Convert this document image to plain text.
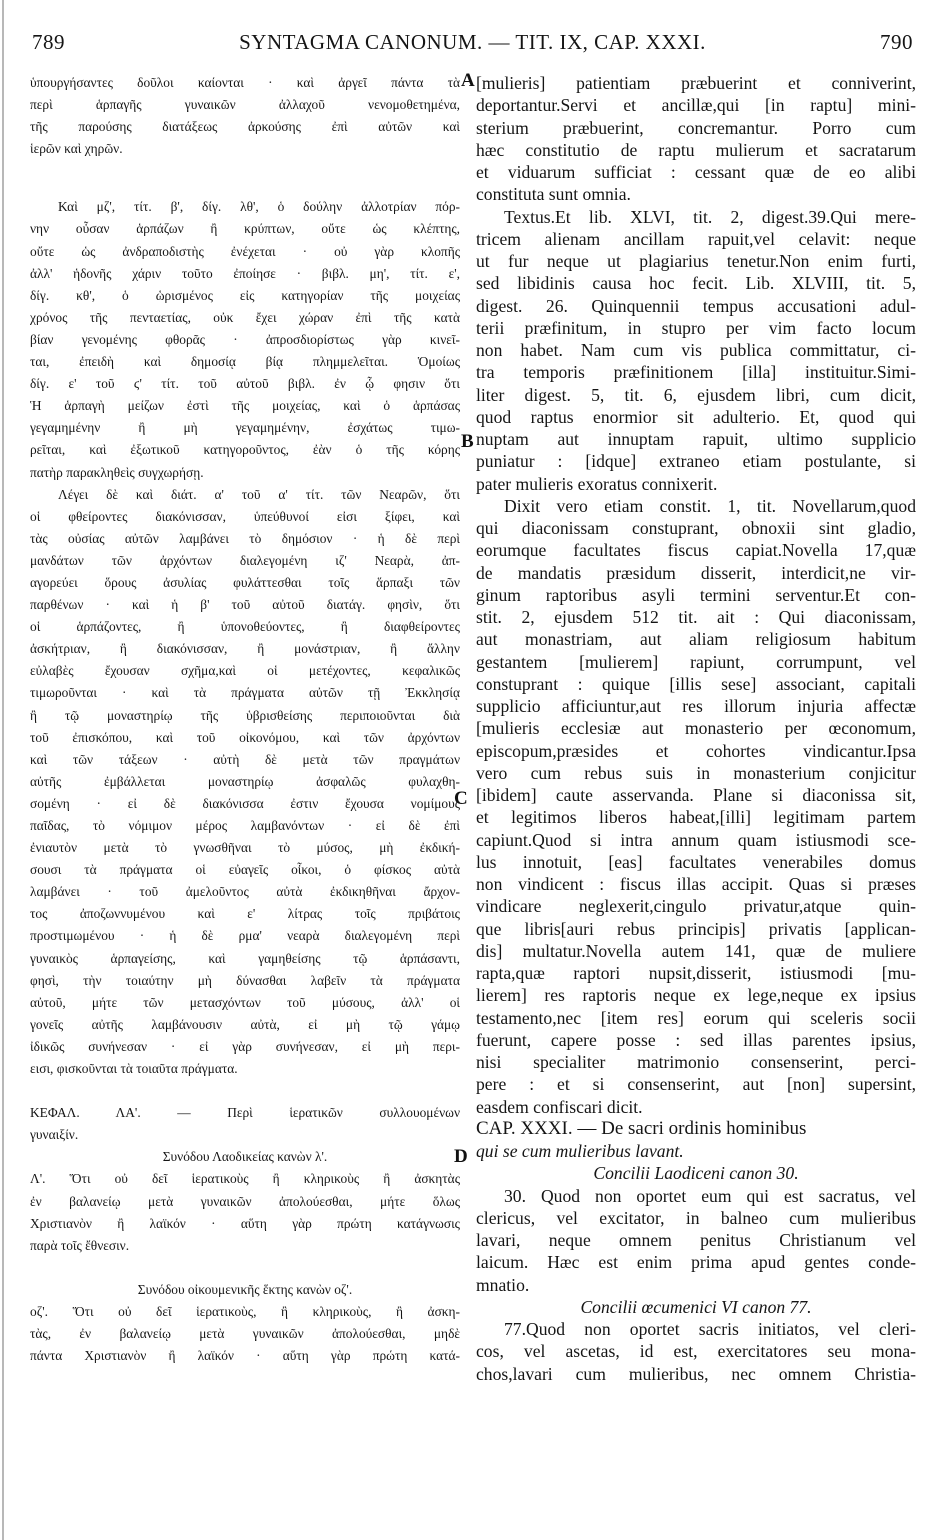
789	SYNTAGMA CANONUM. — TIT. IX, CAP. XXXI.	790
ὑπουργήσαντες δοῦλοι καίονται · καὶ ἀργεῖ πάντα τὰ
περὶ ἁρπαγῆς γυναικῶν ἀλλαχοῦ νενομοθετημένα,
τῆς παρούσης διατάξεως ἀρκούσης ἐπὶ αὐτῶν καὶ
ἱερῶν καὶ χηρῶν.
Καὶ μζ', τίτ. β', δίγ. λθ', ὁ δούλην ἀλλοτρίαν πόρ-
νην οὖσαν ἁρπάζων ἢ κρύπτων, οὔτε ὡς κλέπτης,
οὔτε ὡς ἀνδραποδιστὴς ἐνέχεται · οὐ γὰρ κλοπῆς
ἀλλ' ἡδονῆς χάριν τοῦτο ἐποίησε · βιβλ. μη', τίτ. ε',
δίγ. κθ', ὁ ὡρισμένος εἰς κατηγορίαν τῆς μοιχείας
χρόνος τῆς πενταετίας, οὐκ ἔχει χώραν ἐπὶ τῆς κατὰ
βίαν γενομένης φθορᾶς · ἀπροσδιορίστως γὰρ κινεῖ-
ται, ἐπειδὴ καὶ δημοσίᾳ βίᾳ πλημμελεῖται. Ὁμοίως
δίγ. ε' τοῦ ϛ' τίτ. τοῦ αὐτοῦ βιβλ. ἐν ᾧ φησιν ὅτι
Ἡ ἁρπαγὴ μείζων ἐστὶ τῆς μοιχείας, καὶ ὁ ἁρπάσας
γεγαμημένην ἢ μὴ γεγαμημένην, ἐσχάτως τιμω-
ρεῖται, καὶ ἐξωτικοῦ κατηγοροῦντος, ἐὰν ὁ τῆς κόρης
πατὴρ παρακληθεὶς συγχωρήσῃ.
Λέγει δὲ καὶ διάτ. α' τοῦ α' τίτ. τῶν Νεαρῶν, ὅτι
οἱ φθείροντες διακόνισσαν, ὑπεύθυνοί εἰσι ξίφει, καὶ
τὰς οὐσίας αὐτῶν λαμβάνει τὸ δημόσιον · ἡ δὲ περὶ
μανδάτων τῶν ἀρχόντων διαλεγομένη ιζ' Νεαρὰ, ἀπ-
αγορεύει ὅρους ἀσυλίας φυλάττεσθαι τοῖς ἅρπαξι τῶν
παρθένων · καὶ ἡ β' τοῦ αὐτοῦ διατάγ. φησὶν, ὅτι
οἱ ἁρπάζοντες, ἢ ὑπονοθεύοντες, ἢ διαφθείροντες
ἀσκήτριαν, ἢ διακόνισσαν, ἢ μονάστριαν, ἢ ἄλλην
εὐλαβὲς ἔχουσαν σχῆμα,καὶ οἱ μετέχοντες, κεφαλικῶς
τιμωροῦνται · καὶ τὰ πράγματα αὐτῶν τῇ Ἐκκλησίᾳ
ἢ τῷ μοναστηρίῳ τῆς ὑβρισθείσης περιποιοῦνται διὰ
τοῦ ἐπισκόπου, καὶ τοῦ οἰκονόμου, καὶ τῶν ἀρχόντων
καὶ τῶν τάξεων · αὐτὴ δὲ μετὰ τῶν πραγμάτων
αὐτῆς ἐμβάλλεται μοναστηρίῳ ἀσφαλῶς φυλαχθη-
σομένη · εἰ δὲ διακόνισσα ἐστιν ἔχουσα νομίμους
παῖδας, τὸ νόμιμον μέρος λαμβανόντων · εἰ δὲ ἐπὶ
ἐνιαυτὸν μετὰ τὸ γνωσθῆναι τὸ μύσος, μὴ ἐκδική-
σουσι τὰ πράγματα οἱ εὐαγεῖς οἶκοι, ὁ φίσκος αὐτὰ
λαμβάνει · τοῦ ἀμελοῦντος αὐτὰ ἐκδικηθῆναι ἄρχον-
τος ἀποζωννυμένου καὶ ε' λίτρας τοῖς πριβάτοις
προστιμωμένου · ἡ δὲ ρμα' νεαρὰ διαλεγομένη περὶ
γυναικὸς ἁρπαγείσης, καὶ γαμηθείσης τῷ ἁρπάσαντι,
φησὶ, τὴν τοιαύτην μὴ δύνασθαι λαβεῖν τὰ πράγματα
αὐτοῦ, μήτε τῶν μετασχόντων τοῦ μύσους, ἀλλ' οἱ
γονεῖς αὐτῆς λαμβάνουσιν αὐτὰ, εἰ μὴ τῷ γάμῳ
ἰδικῶς συνήνεσαν · εἰ γὰρ συνήνεσαν, εἰ μὴ περι-
εισι, φισκοῦνται τὰ τοιαῦτα πράγματα.
ΚΕΦΑΛ. ΛΑ'. — Περὶ ἱερατικῶν συλλουομένων
γυναιξίν.
Συνόδου Λαοδικείας κανὼν λ'.
Λ'. Ὅτι οὐ δεῖ ἱερατικοὺς ἢ κληρικοὺς ἢ ἀσκητὰς
ἐν βαλανείῳ μετὰ γυναικῶν ἀπολούεσθαι, μήτε ὅλως
Χριστιανὸν ἢ λαϊκόν · αὕτη γὰρ πρώτη κατάγνωσις
παρὰ τοῖς ἔθνεσιν.
Συνόδου οἰκουμενικῆς ἕκτης κανὼν οζ'.
οζ'. Ὅτι οὐ δεῖ ἱερατικοὺς, ἢ κληρικοὺς, ἢ ἀσκη-
τὰς, ἐν βαλανείῳ μετὰ γυναικῶν ἀπολούεσθαι, μηδὲ
πάντα Χριστιανὸν ἢ λαϊκόν · αὕτη γὰρ πρώτη κατά-
[mulieris] patientiam præbuerint et conniverint,
deportantur.Servi et ancillæ,qui [in raptu] mini-
sterium præbuerint, concremantur. Porro cum
hæc constitutio de raptu mulierum et sacratarum
et viduarum sufficiat : cessant quæ de eo alibi
constituta sunt omnia.
Textus.Et lib. XLVI, tit. 2, digest.39.Qui mere-
tricem alienam ancillam rapuit,vel celavit: neque
ut fur neque ut plagiarius tenetur.Non enim furti,
sed libidinis causa hoc fecit. Lib. XLVIII, tit. 5,
digest. 26. Quinquennii tempus accusationi adul-
terii præfinitum, in stupro per vim facto locum
non habet. Nam cum vis publica committatur, ci-
tra temporis præfinitionem [illa] instituitur.Simi-
liter digest. 5, tit. 6, ejusdem libri, cum dicit,
quod raptus enormior sit adulterio. Et, quod qui
nuptam aut innuptam rapuit, ultimo supplicio
puniatur : [idque] extraneo etiam postulante, si
pater mulieris exoratus connixerit.
Dixit vero etiam constit. 1, tit. Novellarum,quod
qui diaconissam constuprant, obnoxii sint gladio,
eorumque facultates fiscus capiat.Novella 17,quæ
de mandatis præsidum disserit, interdicit,ne vir-
ginum raptoribus asyli termini serventur.Et con-
stit. 2, ejusdem 512 tit. ait : Qui diaconissam,
aut monastriam, aut aliam religiosum habitum
gestantem [mulierem] rapiunt, corrumpunt, vel
constuprant : quique [illis sese] associant, capitali
supplicio afficiuntur,aut res illorum injuria affectæ
[mulieris ecclesiæ aut monasterio per œconomum,
episcopum,præsides et cohortes vindicantur.Ipsa
vero cum rebus suis in monasterium conjicitur
[ibidem] caute asservanda. Plane si diaconissa sit,
et legitimos liberos habeat,[illi] legitimam partem
capiunt.Quod si intra annum quam istiusmodi sce-
lus innotuit, [eas] facultates venerabiles domus
non vindicent : fiscus illas accipit. Quas si præses
vindicare neglexerit,cingulo privatur,atque quin-
que libris[auri rebus principis] privatis [applican-
dis] multatur.Novella autem 141, quæ de muliere
rapta,quæ raptori nupsit,disserit, istiusmodi [mu-
lierem] res raptoris neque ex lege,neque ex ipsius
testamento,nec [item res] eorum qui sceleris socii
fuerunt, capere posse : sed illas parentes ipsius,
nisi specialiter matrimonio consenserint, perci-
pere : et si consenserint, aut [non] supersint,
easdem confiscari dicit.
CAP. XXXI. — De sacri ordinis hominibus
qui se cum mulieribus lavant.
Concilii Laodiceni canon 30.
30. Quod non oportet eum qui est sacratus, vel
clericus, vel excitator, in balneo cum mulieribus
lavari, neque omnem penitus Christianum vel
laicum. Hæc est enim prima apud gentes conde-
mnatio.
Concilii œcumenici VI canon 77.
77.Quod non oportet sacris initiatos, vel cleri-
cos, vel ascetas, id est, exercitatores seu mona-
chos,lavari cum mulieribus, nec omnem Christia-
A
B
C
D
